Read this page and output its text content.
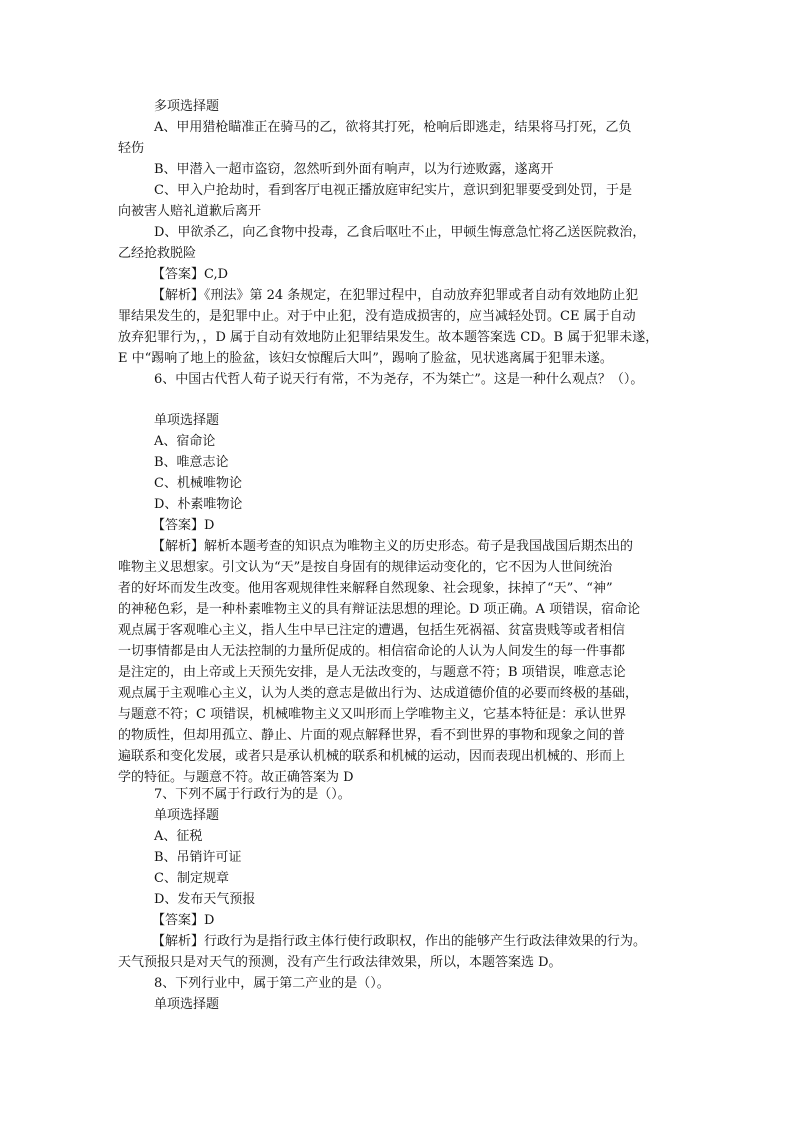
多项选择题

A、甲用猎枪瞄准正在骑马的乙，欲将其打死，枪响后即逃走，结果将马打死，乙负

轻伤

B、甲潜入一超市盗窃，忽然听到外面有响声，以为行迹败露，遂离开

C、甲入户抢劫时，看到客厅电视正播放庭审纪实片，意识到犯罪要受到处罚，于是

向被害人赔礼道歉后离开

D、甲欲杀乙，向乙食物中投毒，乙食后呕吐不止，甲顿生悔意急忙将乙送医院救治，

乙经抢救脱险

【答案】C,D

【解析】《刑法》第 24 条规定，在犯罪过程中，自动放弃犯罪或者自动有效地防止犯

罪结果发生的，是犯罪中止。对于中止犯，没有造成损害的，应当减轻处罚。CE 属于自动

放弃犯罪行为，，D 属于自动有效地防止犯罪结果发生。故本题答案选 CD。B 属于犯罪未遂，

E 中“踢响了地上的脸盆，该妇女惊醒后大叫”，踢响了脸盆，见状逃离属于犯罪未遂。

6、中国古代哲人荀子说天行有常，不为尧存，不为桀亡”。这是一种什么观点？（）。

单项选择题

A、宿命论

B、唯意志论

C、机械唯物论

D、朴素唯物论

【答案】D

【解析】解析本题考查的知识点为唯物主义的历史形态。荀子是我国战国后期杰出的

唯物主义思想家。引文认为“天”是按自身固有的规律运动变化的，它不因为人世间统治

者的好坏而发生改变。他用客观规律性来解释自然现象、社会现象，抹掉了“天”、“神”

的神秘色彩，是一种朴素唯物主义的具有辩证法思想的理论。D 项正确。A 项错误，宿命论

观点属于客观唯心主义，指人生中早已注定的遭遇，包括生死祸福、贫富贵贱等或者相信

一切事情都是由人无法控制的力量所促成的。相信宿命论的人认为人间发生的每一件事都

是注定的，由上帝或上天预先安排，是人无法改变的，与题意不符；B 项错误，唯意志论

观点属于主观唯心主义，认为人类的意志是做出行为、达成道德价值的必要而终极的基础，

与题意不符；C 项错误，机械唯物主义又叫形而上学唯物主义，它基本特征是：承认世界

的物质性，但却用孤立、静止、片面的观点解释世界，看不到世界的事物和现象之间的普

遍联系和变化发展，或者只是承认机械的联系和机械的运动，因而表现出机械的、形而上

学的特征。与题意不符。故正确答案为 D

7、下列不属于行政行为的是（）。

单项选择题

A、征税

B、吊销许可证

C、制定规章

D、发布天气预报

【答案】D

【解析】行政行为是指行政主体行使行政职权，作出的能够产生行政法律效果的行为。

天气预报只是对天气的预测，没有产生行政法律效果，所以，本题答案选 D。

8、下列行业中，属于第二产业的是（）。

单项选择题
